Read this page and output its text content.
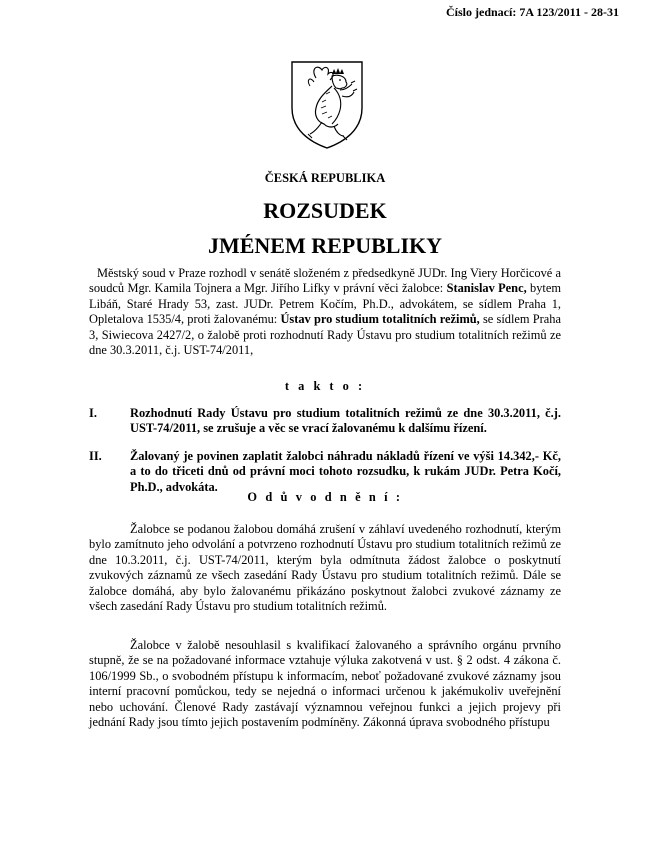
Číslo jednací: 7A 123/2011 - 28-31
ČESKÁ REPUBLIKA
ROZSUDEK
JMÉNEM REPUBLIKY

Městský soud v Praze rozhodl v senátě složeném z předsedkyně JUDr. Ing Viery Horčicové a soudců Mgr. Kamila Tojnera a Mgr. Jiřího Lifky v právní věci žalobce: Stanislav Penc, bytem Libáň, Staré Hrady 53, zast. JUDr. Petrem Kočím, Ph.D., advokátem, se sídlem Praha 1, Opletalova 1535/4, proti žalovanému: Ústav pro studium totalitních režimů, se sídlem Praha 3, Siwiecova 2427/2, o žalobě proti rozhodnutí Rady Ústavu pro studium totalitních režimů ze dne 30.3.2011, č.j. UST-74/2011,

t a k t o :
I.	Rozhodnutí Rady Ústavu pro studium totalitních režimů ze dne 30.3.2011, č.j. UST-74/2011, se zrušuje a věc se vrací žalovanému k dalšímu řízení.
II. Žalovaný je povinen zaplatit žalobci náhradu nákladů řízení ve výši 14.342,- Kč, a to do třiceti dnů od právní moci tohoto rozsudku, k rukám JUDr. Petra Kočí, Ph.D., advokáta.
O d ů v o d n ě n í :

Žalobce se podanou žalobou domáhá zrušení v záhlaví uvedeného rozhodnutí, kterým bylo zamítnuto jeho odvolání a potvrzeno rozhodnutí Ústavu pro studium totalitních režimů ze dne 10.3.2011, č.j. UST-74/2011, kterým byla odmítnuta žádost žalobce o poskytnutí zvukových záznamů ze všech zasedání Rady Ústavu pro studium totalitních režimů. Dále se žalobce domáhá, aby bylo žalovanému přikázáno poskytnout žalobci zvukové záznamy ze všech zasedání Rady Ústavu pro studium totalitních režimů.

Žalobce v žalobě nesouhlasil s kvalifikací žalovaného a správního orgánu prvního stupně, že se na požadované informace vztahuje výluka zakotvená v ust. § 2 odst. 4 zákona č. 106/1999 Sb., o svobodném přístupu k informacím, neboť požadované zvukové záznamy jsou interní pracovní pomůckou, tedy se nejedná o informaci určenou k jakémukoliv uveřejnění nebo uchování. Členové Rady zastávají významnou veřejnou funkci a jejich projevy při jednání Rady jsou tímto jejich postavením podmíněny. Zákonná úprava svobodného přístupu
